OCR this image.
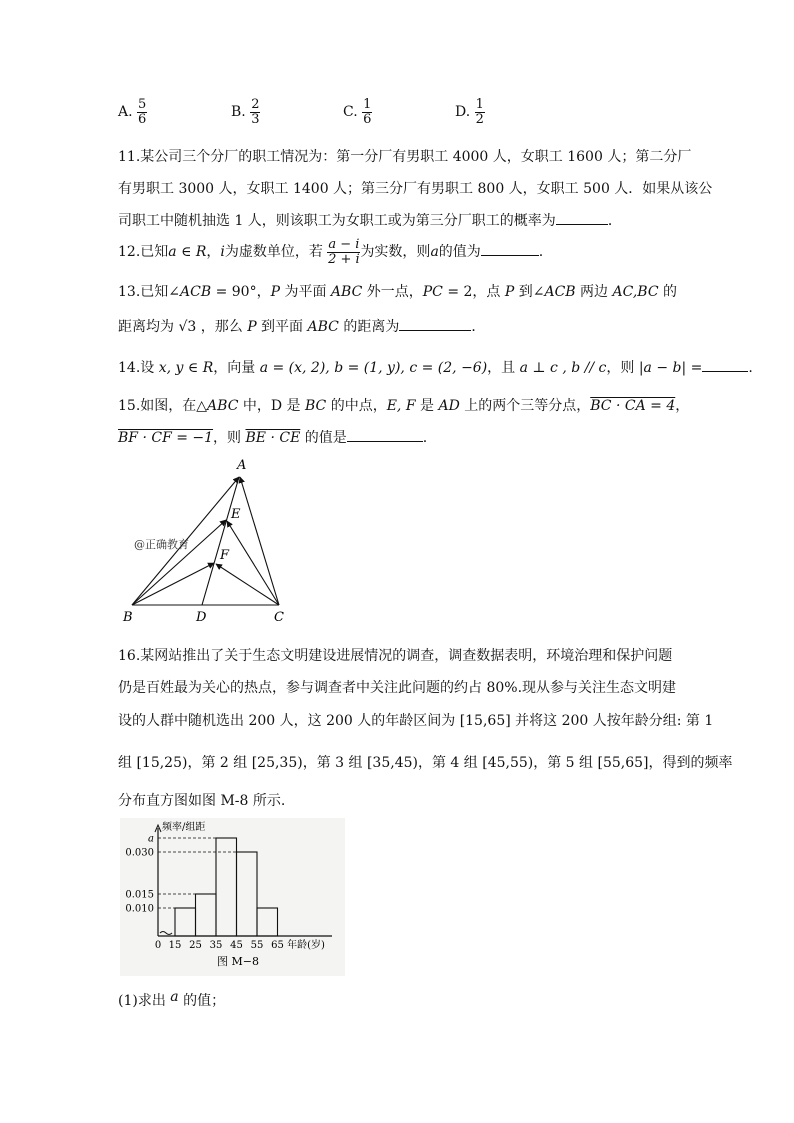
A. $\frac{5}{6}$	B. $\frac{2}{3}$	C. $\frac{1}{6}$	D. $\frac{1}{2}$
11.某公司三个分厂的职工情况为：第一分厂有男职工 4000 人，女职工 1600 人；第二分厂
有男职工 3000 人，女职工 1400 人；第三分厂有男职工 800 人，女职工 500 人．如果从该公
司职工中随机抽选 1 人，则该职工为女职工或为第三分厂职工的概率为	．
12.已知a ∈ R，i为虚数单位，若 $\frac{a - i}{2 + i}$ 为实数，则a的值为	.
13.已知∠ACB = 90°，P 为平面 ABC 外一点，PC = 2，点 P 到∠ACB 两边 AC,BC 的
距离均为 √3 ，那么 P 到平面 ABC 的距离为	．
14.设 x, y ∈ R，向量 a = (x, 2), b = (1, y), c = (2, −6)，且 a ⊥ c , b // c，则 |a − b| =	.
15.如图，在△ABC 中，D 是 BC 的中点，E, F 是 AD 上的两个三等分点，BC · CA = 4，
BF · CF = −1，则 BE · CE 的值是	.
A
B	C
D
E
F
@正确教育
16.某网站推出了关于生态文明建设进展情况的调查，调查数据表明，环境治理和保护问题
仍是百姓最为关心的热点，参与调查者中关注此问题的约占 80%.现从参与关注生态文明建
设的人群中随机选出 200 人，这 200 人的年龄区间为 [15,65] 并将这 200 人按年龄分组: 第 1
组 [15,25)，第 2 组 [25,35)，第 3 组 [35,45)，第 4 组 [45,55)，第 5 组 [55,65]，得到的频率
分布直方图如图 M-8 所示.
a
0.030
0.015
0.010
0 15 25 35 45 55 65 年龄(岁)
频率/组距
图 M−8
(1)求出 a 的值；
